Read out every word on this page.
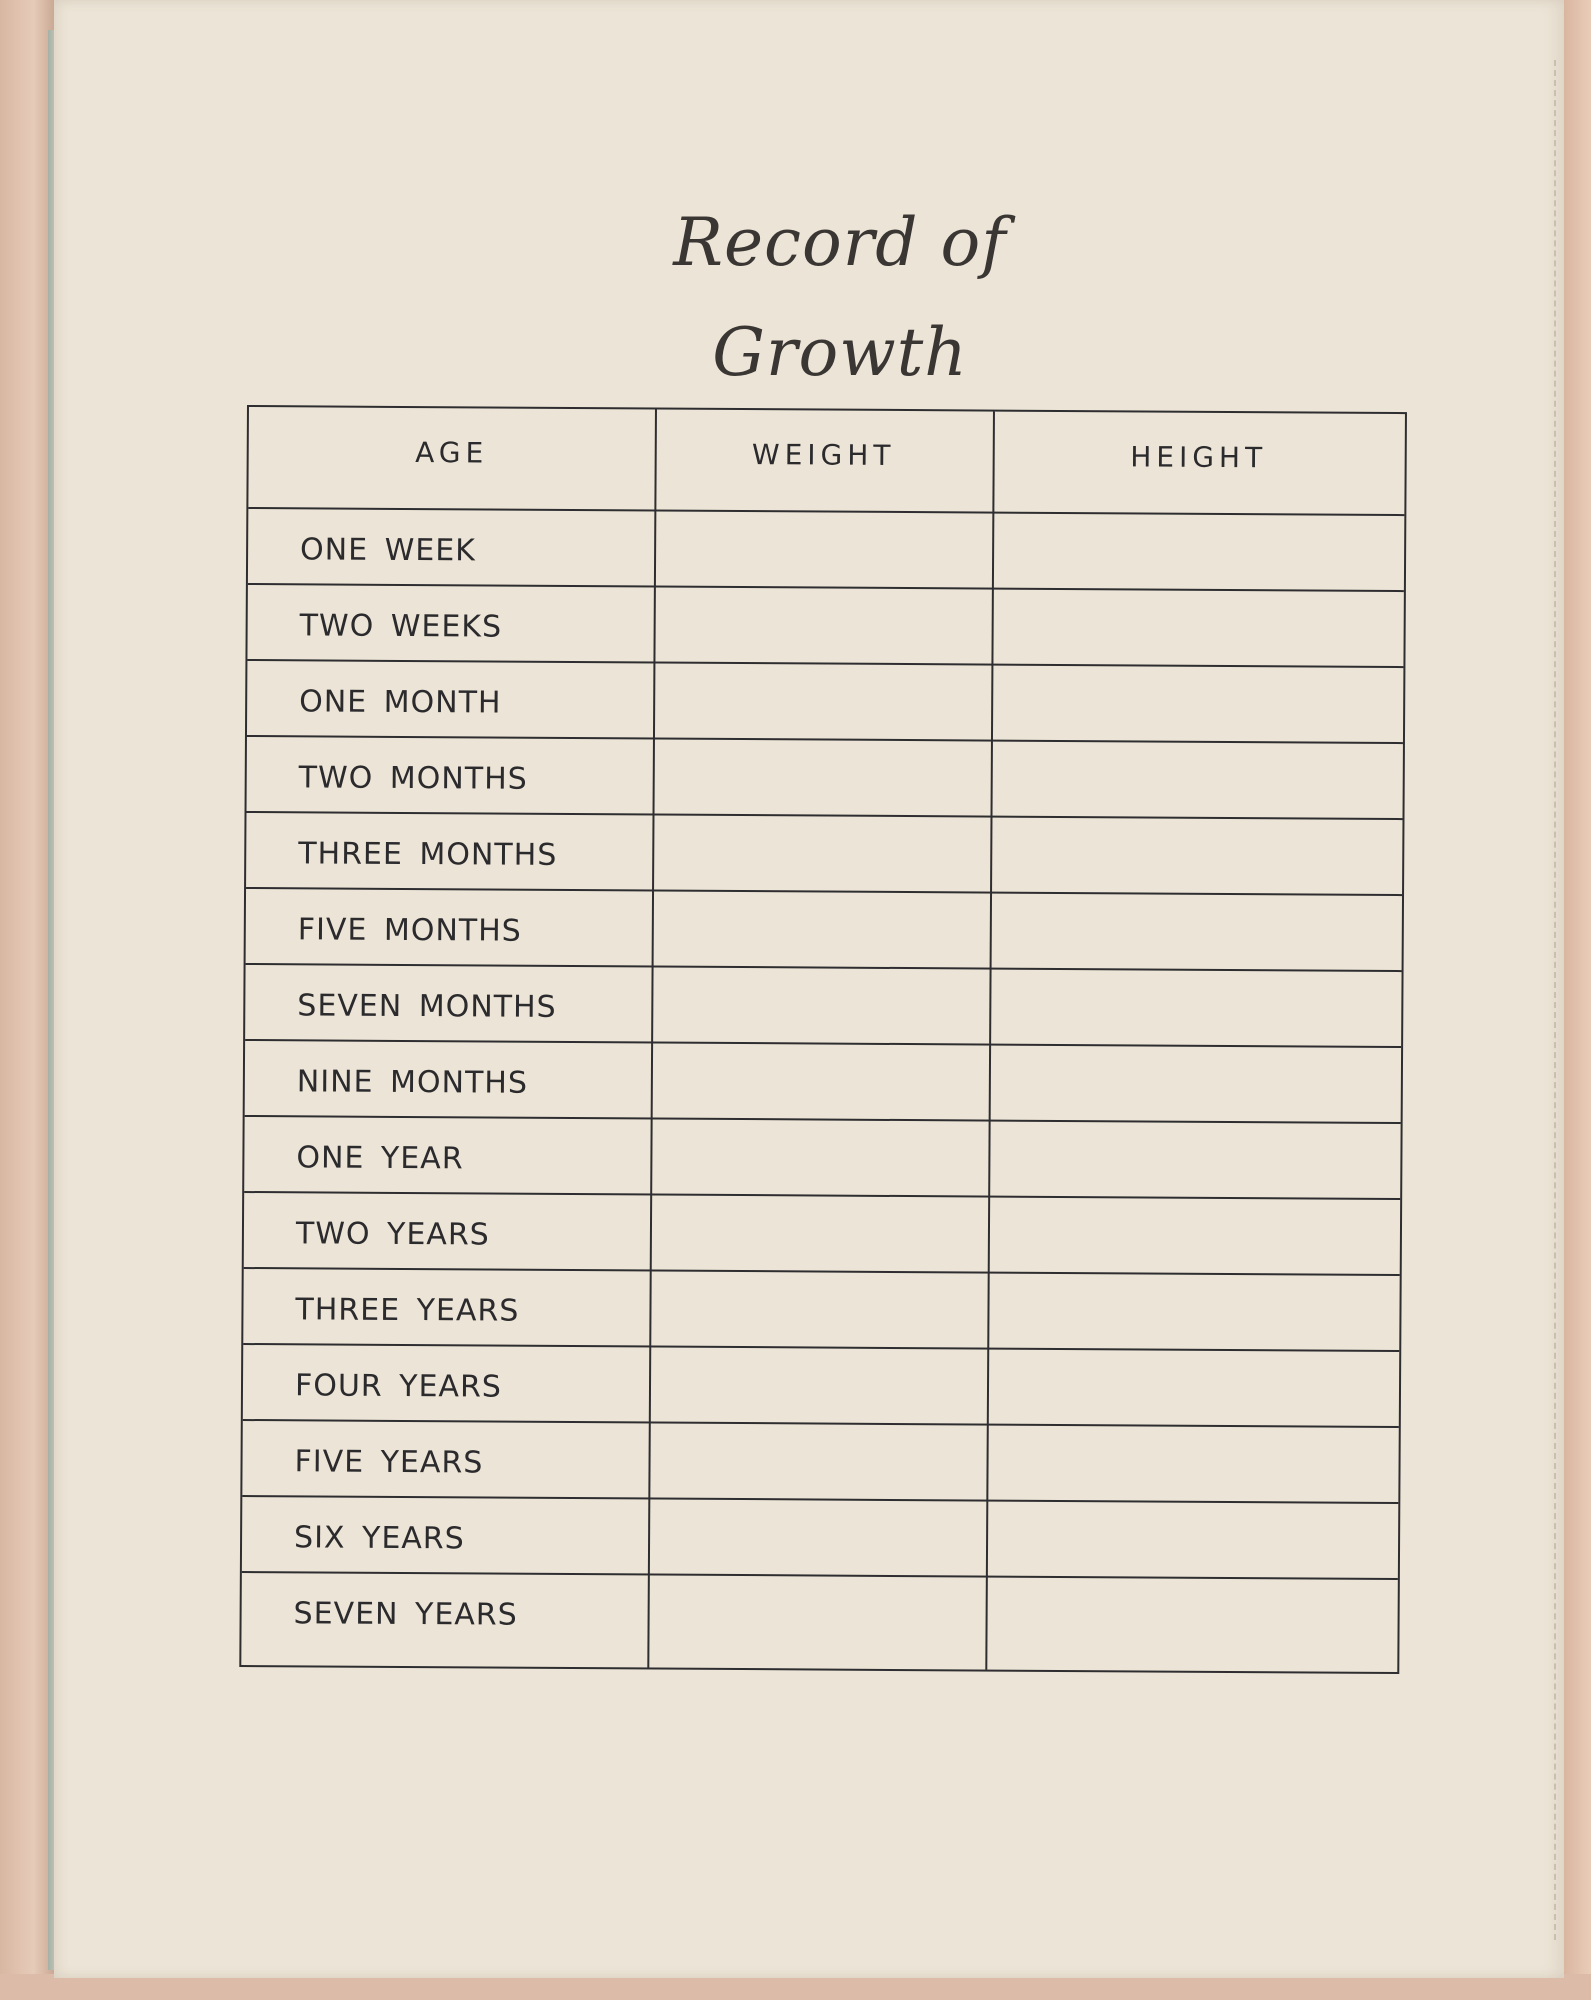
Record of Growth
AGE	WEIGHT	HEIGHT
ONE WEEK
TWO WEEKS
ONE MONTH
TWO MONTHS
THREE MONTHS
FIVE MONTHS
SEVEN MONTHS
NINE MONTHS
ONE YEAR
TWO YEARS
THREE YEARS
FOUR YEARS
FIVE YEARS
SIX YEARS
SEVEN YEARS
